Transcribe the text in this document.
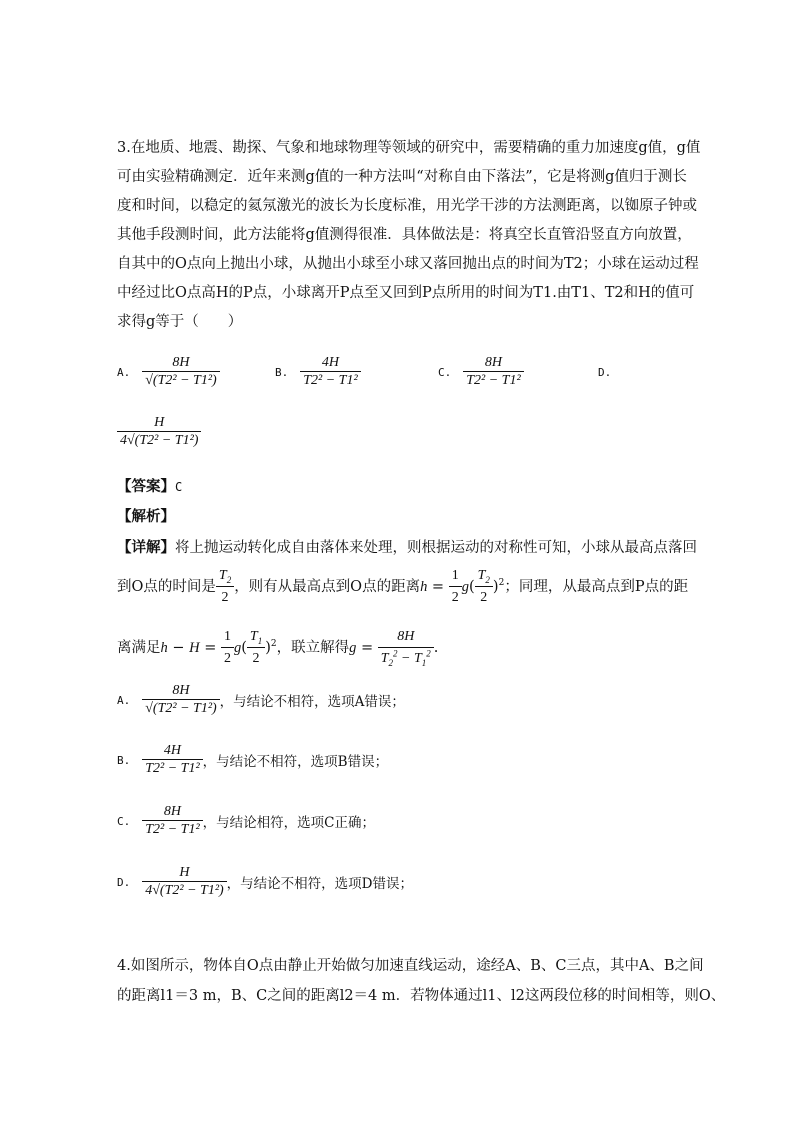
3.在地质、地震、勘探、气象和地球物理等领域的研究中，需要精确的重力加速度g值，g值
可由实验精确测定．近年来测g值的一种方法叫“对称自由下落法”，它是将测g值归于测长
度和时间，以稳定的氦氖激光的波长为长度标准，用光学干涉的方法测距离，以铷原子钟或
其他手段测时间，此方法能将g值测得很准．具体做法是：将真空长直管沿竖直方向放置，
自其中的O点向上抛出小球，从抛出小球至小球又落回抛出点的时间为T2；小球在运动过程
中经过比O点高H的P点，小球离开P点至又回到P点所用的时间为T1.由T1、T2和H的值可
求得g等于（　　）
A. $\frac{8H}{\text{√(T2² − T1²)}}$	B. $\frac{4H}{\text{T2² − T1²}}$	C. $\frac{8H}{\text{T2² − T1²}}$	D.
$\frac{H}{\text{4√(T2² − T1²)}}$
【答案】C
【解析】
【详解】将上抛运动转化成自由落体来处理，则根据运动的对称性可知，小球从最高点落回
到O点的时间是 $\frac{T_2}{2}$ ，则有从最高点到O点的距离 $h = \frac{1}{2}$ g ( $\frac{T_2}{2} )^2$ ；同理，从最高点到P点的距
离满足 $h - H = \frac{1}{2}$ g ( $\frac{T_1}{2} )^2$ ，联立解得 $g = \frac{8H}{T_2^2 - T_1^2}$ .
A. $\frac{8H}{\text{√(T2² − T1²)}}$ ，与结论不相符，选项A错误；
B. $\frac{4H}{\text{T2² − T1²}}$ ，与结论不相符，选项B错误；
C. $\frac{8H}{\text{T2² − T1²}}$ ，与结论相符，选项C正确；
D. $\frac{H}{\text{4√(T2² − T1²)}}$ ，与结论不相符，选项D错误；
4.如图所示，物体自O点由静止开始做匀加速直线运动，途经A、B、C三点，其中A、B之间
的距离l1＝3 m，B、C之间的距离l2＝4 m．若物体通过l1、l2这两段位移的时间相等，则O、
